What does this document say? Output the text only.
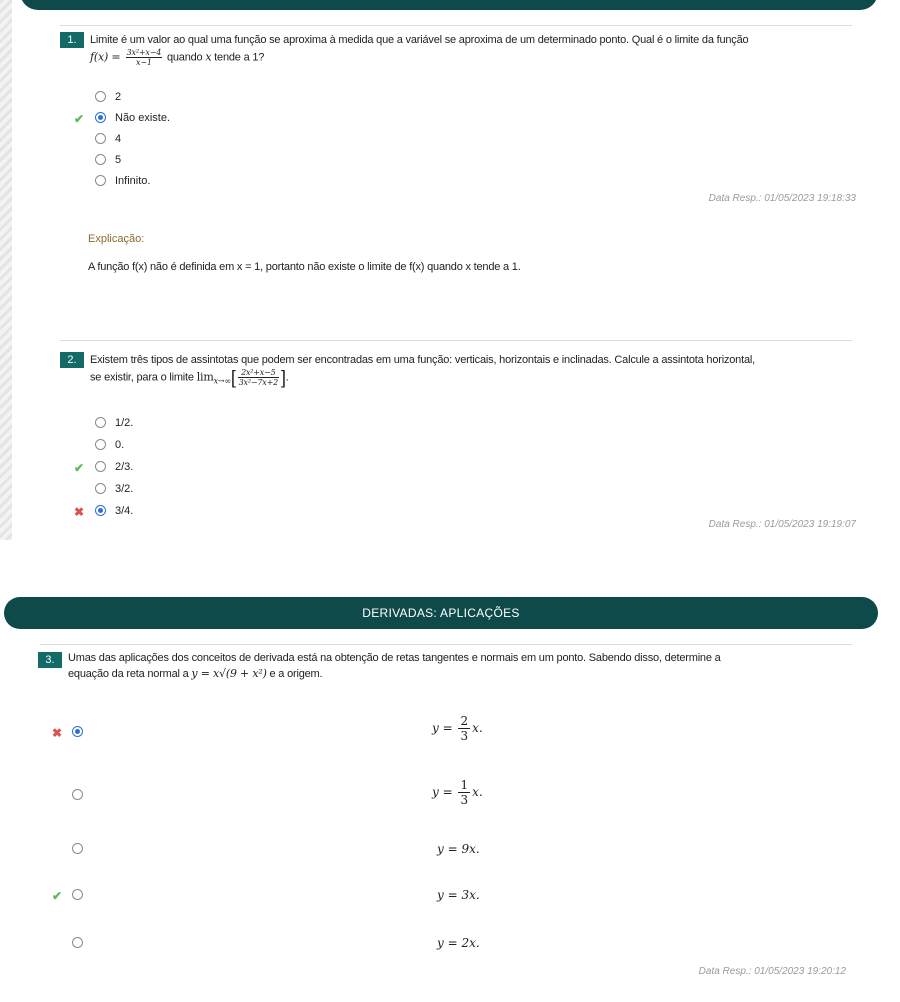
1.	Limite é um valor ao qual uma função se aproxima à medida que a variável se aproxima de um determinado ponto. Qual é o limite da função
$f(x) = \frac{\text{3x²+x−4}}{x-1}$ quando x tende a 1?
2
✔	Não existe.
4
5
Infinito.
Data Resp.: 01/05/2023 19:18:33
Explicação:
A função f(x) não é definida em x = 1, portanto não existe o limite de f(x) quando x tende a 1.
2.	Existem três tipos de assintotas que podem ser encontradas em uma função: verticais, horizontais e inclinadas. Calcule a assintota horizontal,
se existir, para o limite $\lim_{x\to\infty}[ \frac{\text{2x²+x−5}}{\text{3x²−7x+2}}$ ].
1/2.
0.
✔	2/3.
3/2.
✖	3/4.
Data Resp.: 01/05/2023 19:19:07
DERIVADAS: APLICAÇÕES
3.	Umas das aplicações dos conceitos de derivada está na obtenção de retas tangentes e normais em um ponto. Sabendo disso, determine a
equação da reta normal a y = x√(9 + x²) e a origem.
✖	$y = \frac{2}{3} x$.
$y = \frac{1}{3} x$.
y = 9x.
✔	y = 3x.
y = 2x.
Data Resp.: 01/05/2023 19:20:12
